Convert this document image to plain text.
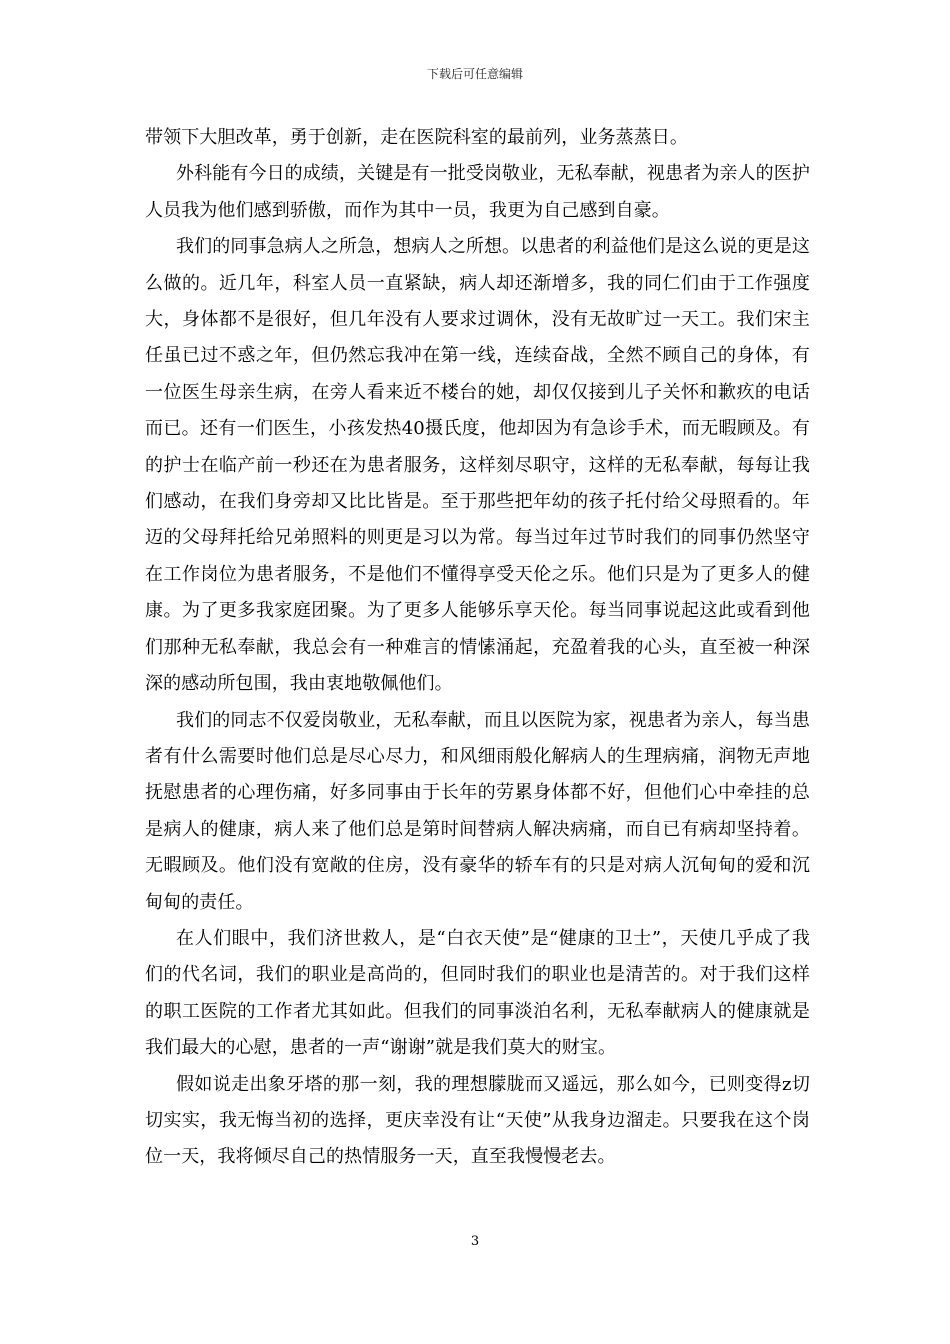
下载后可任意编辑

带领下大胆改革，勇于创新，走在医院科室的最前列，业务蒸蒸日。

外科能有今日的成绩，关键是有一批受岗敬业，无私奉献，视患者为亲人的医护人员我为他们感到骄傲，而作为其中一员，我更为自己感到自豪。

我们的同事急病人之所急，想病人之所想。以患者的利益他们是这么说的更是这么做的。近几年，科室人员一直紧缺，病人却还渐增多，我的同仁们由于工作强度大，身体都不是很好，但几年没有人要求过调休，没有无故旷过一天工。我们宋主任虽已过不惑之年，但仍然忘我冲在第一线，连续奋战，全然不顾自己的身体，有一位医生母亲生病，在旁人看来近不楼台的她，却仅仅接到儿子关怀和歉疚的电话而已。还有一们医生，小孩发热40摄氏度，他却因为有急诊手术，而无暇顾及。有的护士在临产前一秒还在为患者服务，这样刻尽职守，这样的无私奉献，每每让我们感动，在我们身旁却又比比皆是。至于那些把年幼的孩子托付给父母照看的。年迈的父母拜托给兄弟照料的则更是习以为常。每当过年过节时我们的同事仍然坚守在工作岗位为患者服务，不是他们不懂得享受天伦之乐。他们只是为了更多人的健康。为了更多我家庭团聚。为了更多人能够乐享天伦。每当同事说起这此或看到他们那种无私奉献，我总会有一种难言的情愫涌起，充盈着我的心头，直至被一种深深的感动所包围，我由衷地敬佩他们。

我们的同志不仅爱岗敬业，无私奉献，而且以医院为家，视患者为亲人，每当患者有什么需要时他们总是尽心尽力，和风细雨般化解病人的生理病痛，润物无声地抚慰患者的心理伤痛，好多同事由于长年的劳累身体都不好，但他们心中牵挂的总是病人的健康，病人来了他们总是第时间替病人解决病痛，而自已有病却坚持着。无暇顾及。他们没有宽敞的住房，没有豪华的轿车有的只是对病人沉甸甸的爱和沉甸甸的责任。

在人们眼中，我们济世救人，是“白衣天使”是“健康的卫士”，天使几乎成了我们的代名词，我们的职业是高尚的，但同时我们的职业也是清苦的。对于我们这样的职工医院的工作者尤其如此。但我们的同事淡泊名利，无私奉献病人的健康就是我们最大的心慰，患者的一声“谢谢”就是我们莫大的财宝。

假如说走出象牙塔的那一刻，我的理想朦胧而又遥远，那么如今，已则变得z切切实实，我无悔当初的选择，更庆幸没有让“天使”从我身边溜走。只要我在这个岗位一天，我将倾尽自己的热情服务一天，直至我慢慢老去。

3
